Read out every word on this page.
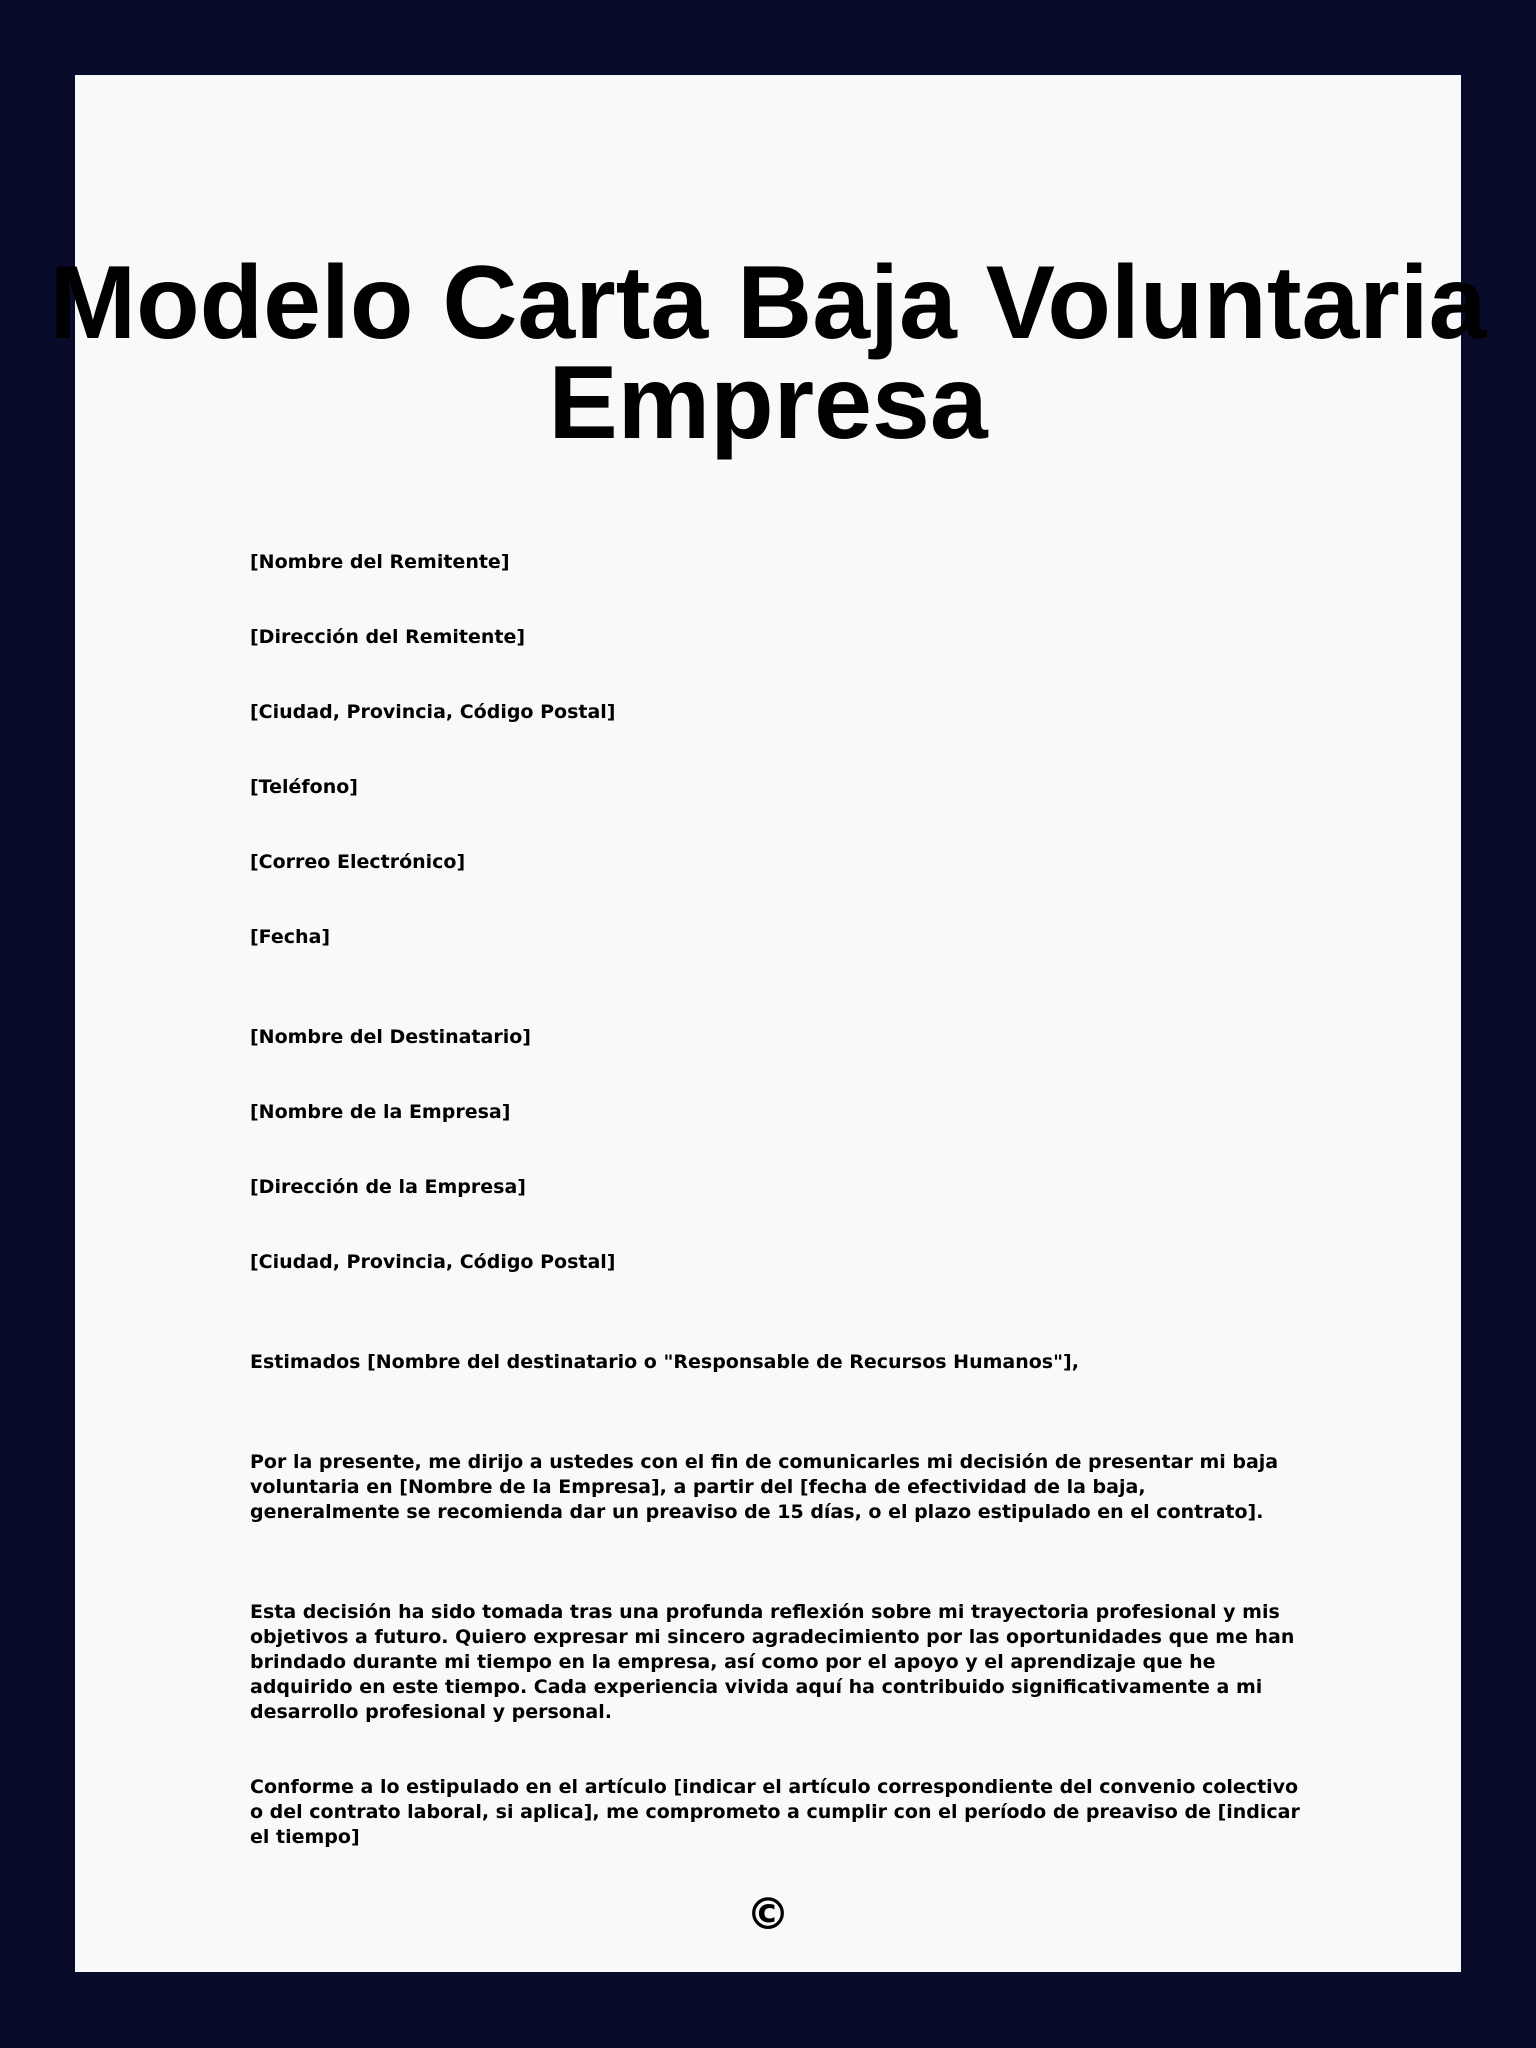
Modelo Carta Baja Voluntaria Empresa

[Nombre del Remitente]

[Dirección del Remitente]

[Ciudad, Provincia, Código Postal]

[Teléfono]

[Correo Electrónico]

[Fecha]

[Nombre del Destinatario]

[Nombre de la Empresa]

[Dirección de la Empresa]

[Ciudad, Provincia, Código Postal]

Estimados [Nombre del destinatario o "Responsable de Recursos Humanos"],

Por la presente, me dirijo a ustedes con el fin de comunicarles mi decisión de presentar mi baja voluntaria en [Nombre de la Empresa], a partir del [fecha de efectividad de la baja, generalmente se recomienda dar un preaviso de 15 días, o el plazo estipulado en el contrato].

Esta decisión ha sido tomada tras una profunda reflexión sobre mi trayectoria profesional y mis objetivos a futuro. Quiero expresar mi sincero agradecimiento por las oportunidades que me han brindado durante mi tiempo en la empresa, así como por el apoyo y el aprendizaje que he adquirido en este tiempo. Cada experiencia vivida aquí ha contribuido significativamente a mi desarrollo profesional y personal.

Conforme a lo estipulado en el artículo [indicar el artículo correspondiente del convenio colectivo o del contrato laboral, si aplica], me comprometo a cumplir con el período de preaviso de [indicar el tiempo]

©
